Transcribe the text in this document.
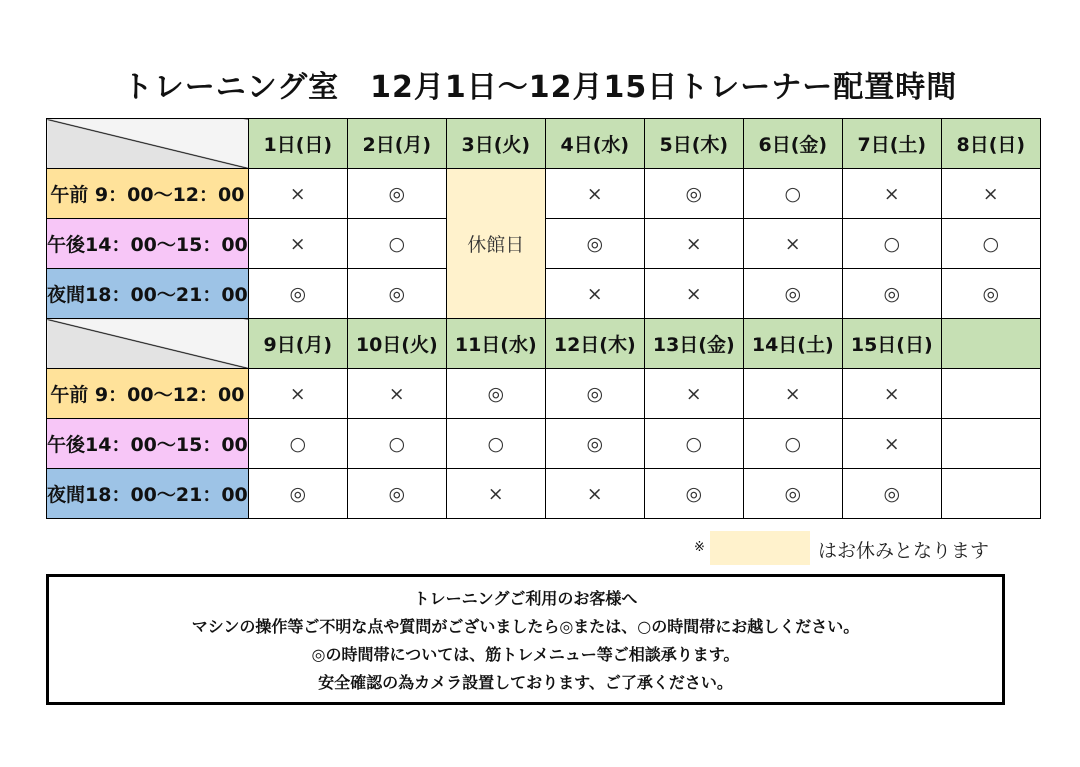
トレーニング室　12月1日～12月15日トレーナー配置時間
	1日(日)	2日(月)	3日(火)	4日(水)	5日(木)	6日(金)	7日(土)	8日(日)
午前 9：00～12：00	×	◎	休館日	×	◎	○	×	×
午後14：00～15：00	×	○		◎	×	×	○	○
夜間18：00～21：00	◎	◎		×	×	◎	◎	◎
	9日(月)	10日(火)	11日(水)	12日(木)	13日(金)	14日(土)	15日(日)	
午前 9：00～12：00	×	×	◎	◎	×	×	×	
午後14：00～15：00	○	○	○	◎	○	○	×	
夜間18：00～21：00	◎	◎	×	×	◎	◎	◎	
※	はお休みとなります
トレーニングご利用のお客様へ
マシンの操作等ご不明な点や質問がございましたら◎または、○の時間帯にお越しください。
◎の時間帯については、筋トレメニュー等ご相談承ります。
安全確認の為カメラ設置しております、ご了承ください。
